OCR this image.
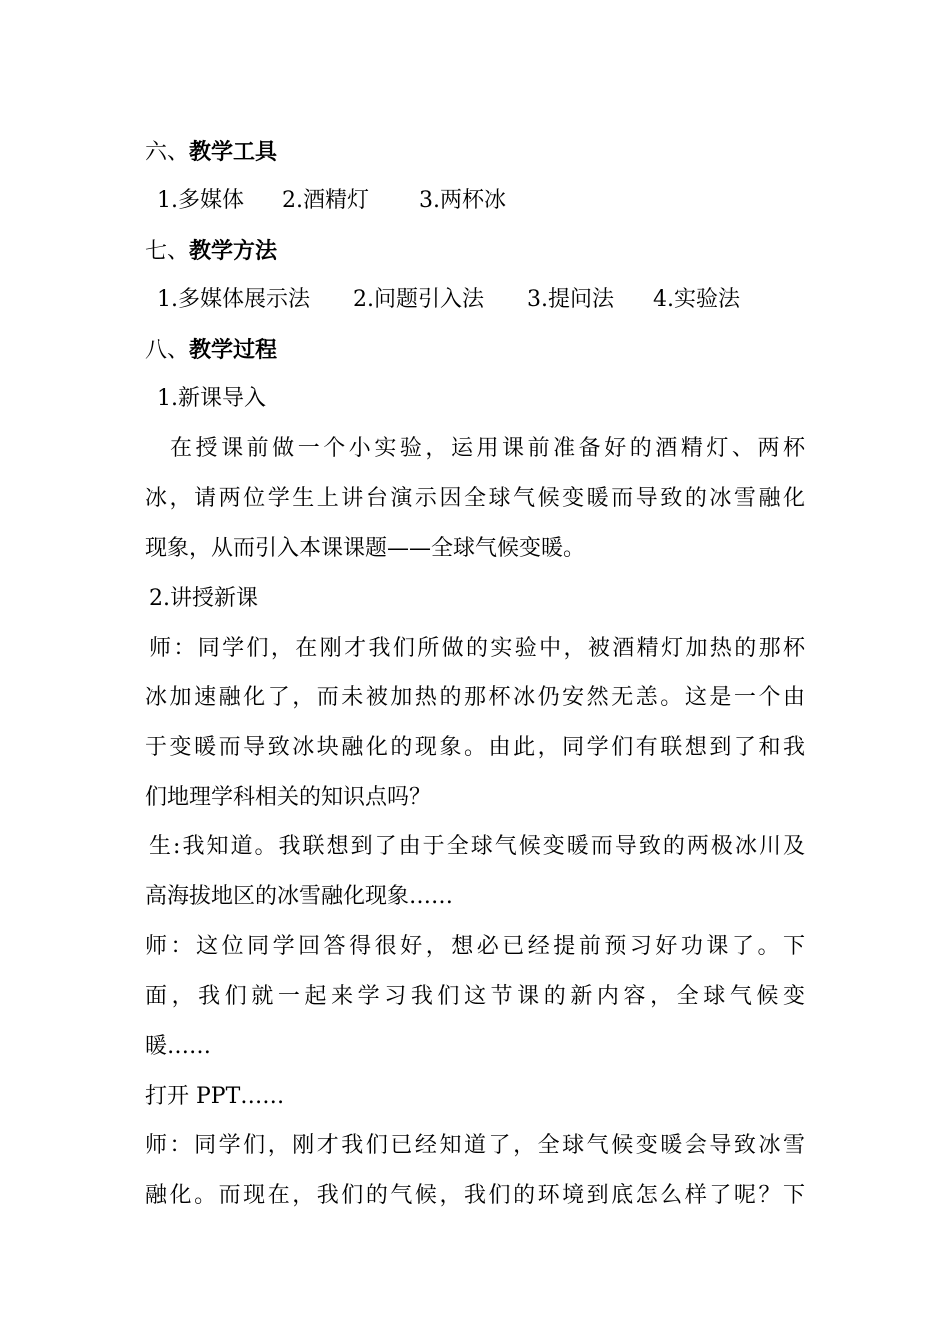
六、教学工具
1.多媒体 2.酒精灯 3.两杯冰
七、教学方法
1.多媒体展示法 2.问题引入法 3.提问法 4.实验法
八、教学过程
1.新课导入
在授课前做一个小实验，运用课前准备好的酒精灯、两杯
冰，请两位学生上讲台演示因全球气候变暖而导致的冰雪融化
现象，从而引入本课课题——全球气候变暖。
2.讲授新课
师：同学们，在刚才我们所做的实验中，被酒精灯加热的那杯
冰加速融化了，而未被加热的那杯冰仍安然无恙。这是一个由
于变暖而导致冰块融化的现象。由此，同学们有联想到了和我
们地理学科相关的知识点吗？
生:我知道。我联想到了由于全球气候变暖而导致的两极冰川及
高海拔地区的冰雪融化现象……
师：这位同学回答得很好，想必已经提前预习好功课了。下
面，我们就一起来学习我们这节课的新内容，全球气候变
暖……
打开 PPT……
师：同学们，刚才我们已经知道了，全球气候变暖会导致冰雪
融化。而现在，我们的气候，我们的环境到底怎么样了呢？下
